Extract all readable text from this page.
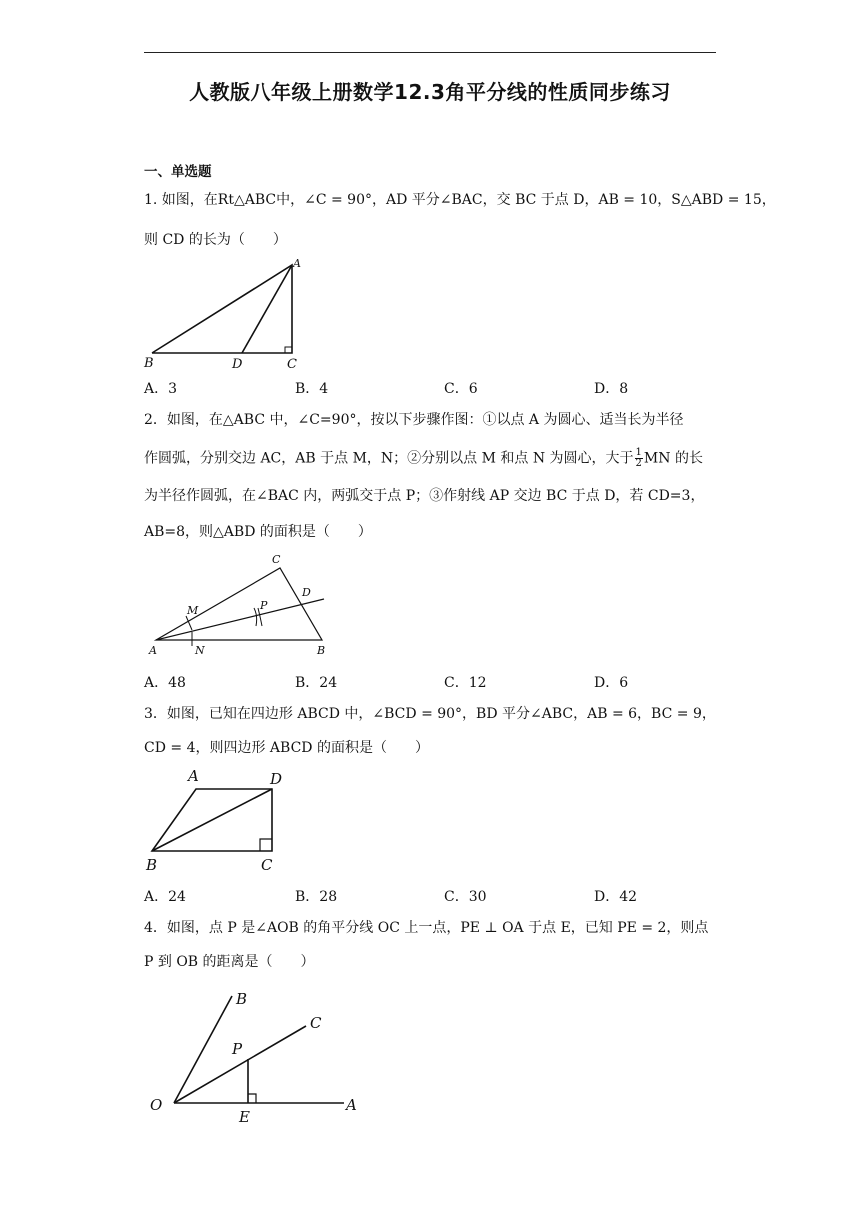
人教版八年级上册数学12.3角平分线的性质同步练习
一、单选题
1. 如图，在Rt△ABC中，∠C = 90°，AD 平分∠BAC，交 BC 于点 D，AB = 10，S△ABD = 15，
则 CD 的长为（　　）
A
B	D	C
A．3	B．4	C．6	D．8
2．如图，在△ABC 中，∠C=90°，按以下步骤作图：①以点 A 为圆心、适当长为半径
作圆弧，分别交边 AC，AB 于点 M，N；②分别以点 M 和点 N 为圆心，大于 $\frac{1}{2}$ MN 的长
为半径作圆弧，在∠BAC 内，两弧交于点 P；③作射线 AP 交边 BC 于点 D，若 CD=3，
AB=8，则△ABD 的面积是（　　）
C
D
M	P
A	N	B
A．48	B．24	C．12	D．6
3．如图，已知在四边形 ABCD 中，∠BCD = 90°，BD 平分∠ABC，AB = 6，BC = 9，
CD = 4，则四边形 ABCD 的面积是（　　）
A	D
B	C
A．24	B．28	C．30	D．42
4．如图，点 P 是∠AOB 的角平分线 OC 上一点，PE ⊥ OA 于点 E，已知 PE = 2，则点
P 到 OB 的距离是（　　）
B
C
P
O
E
A
